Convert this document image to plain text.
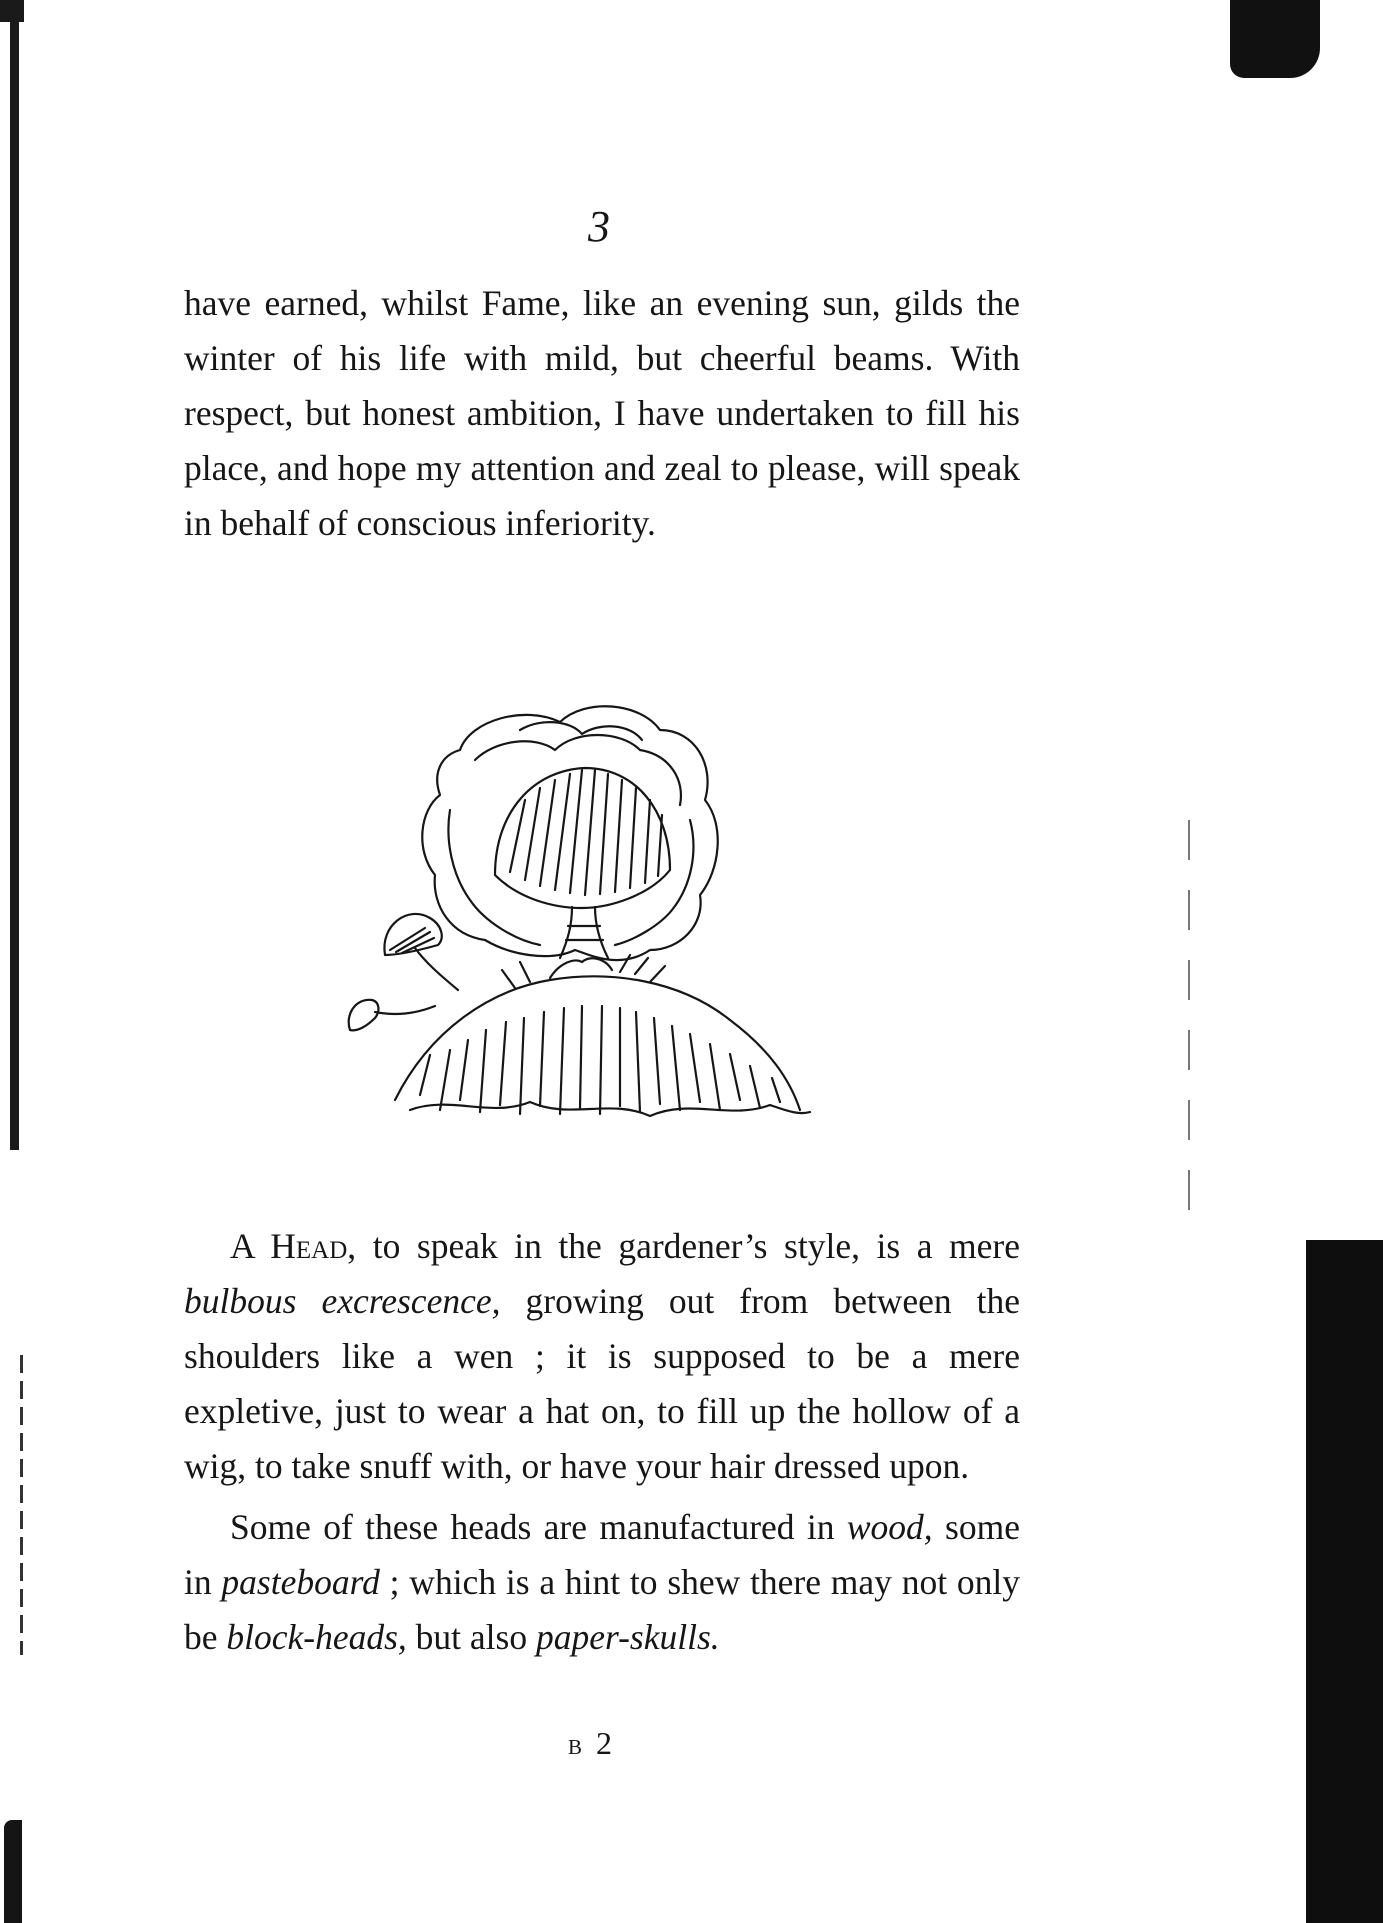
3

have earned, whilst Fame, like an evening sun, gilds the winter of his life with mild, but cheerful beams. With respect, but honest ambition, I have undertaken to fill his place, and hope my attention and zeal to please, will speak in behalf of conscious inferiority.

A Head, to speak in the gardener’s style, is a mere bulbous excrescence, growing out from between the shoulders like a wen ; it is supposed to be a mere expletive, just to wear a hat on, to fill up the hollow of a wig, to take snuff with, or have your hair dressed upon.

Some of these heads are manufactured in wood, some in pasteboard ; which is a hint to shew there may not only be block-heads, but also paper-skulls.

B 2
